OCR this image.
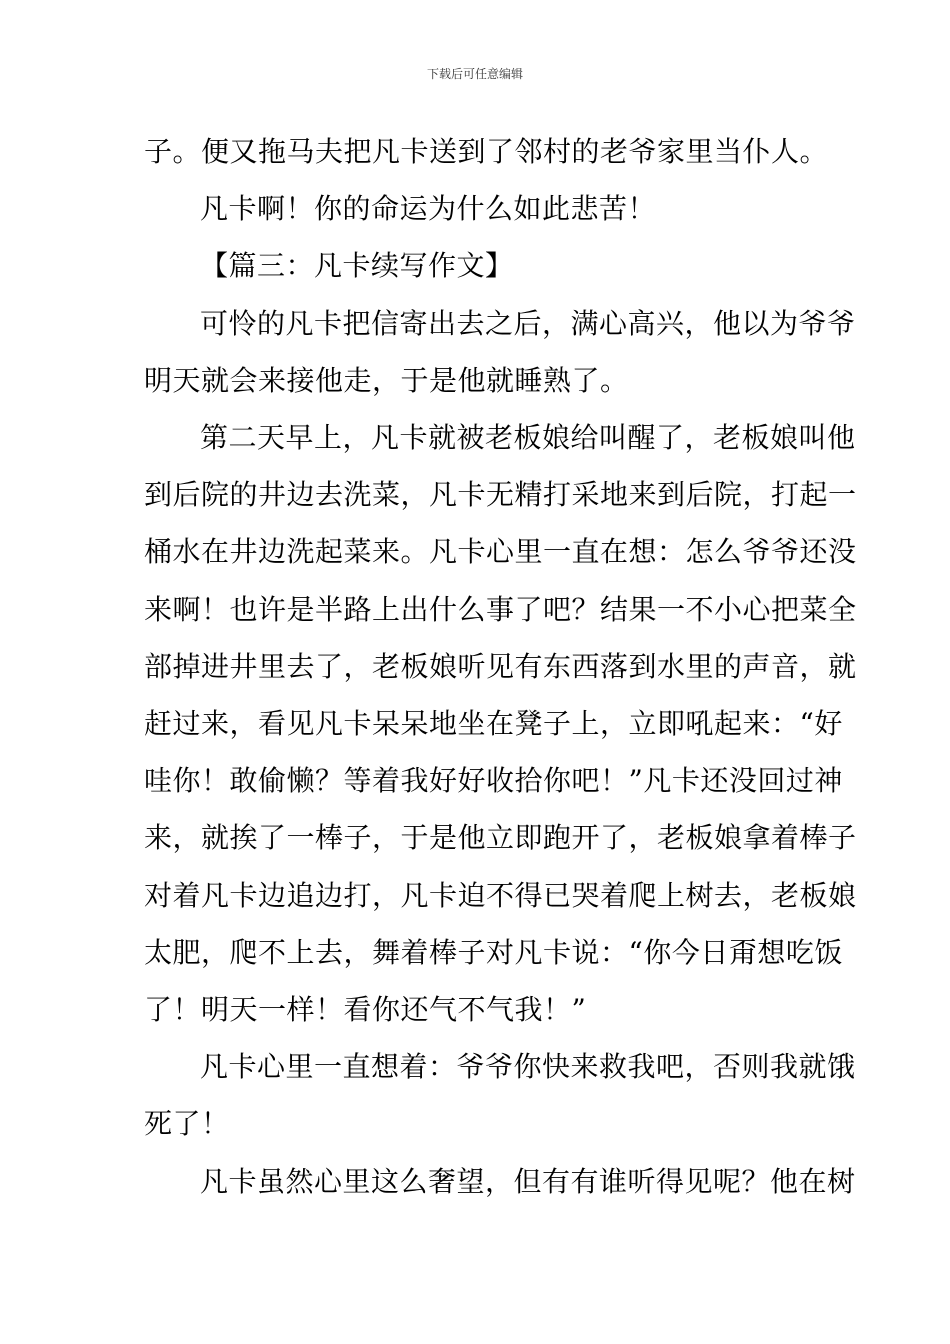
下载后可任意编辑
子。便又拖马夫把凡卡送到了邻村的老爷家里当仆人。
凡卡啊！你的命运为什么如此悲苦！
【篇三：凡卡续写作文】
可怜的凡卡把信寄出去之后，满心高兴，他以为爷爷
明天就会来接他走，于是他就睡熟了。
第二天早上，凡卡就被老板娘给叫醒了，老板娘叫他
到后院的井边去洗菜，凡卡无精打采地来到后院，打起一
桶水在井边洗起菜来。凡卡心里一直在想：怎么爷爷还没
来啊！也许是半路上出什么事了吧？结果一不小心把菜全
部掉进井里去了，老板娘听见有东西落到水里的声音，就
赶过来，看见凡卡呆呆地坐在凳子上，立即吼起来：“好
哇你！敢偷懒？等着我好好收拾你吧！”凡卡还没回过神
来，就挨了一棒子，于是他立即跑开了，老板娘拿着棒子
对着凡卡边追边打，凡卡迫不得已哭着爬上树去，老板娘
太肥，爬不上去，舞着棒子对凡卡说：“你今日甭想吃饭
了！明天一样！看你还气不气我！”
凡卡心里一直想着：爷爷你快来救我吧，否则我就饿
死了！
凡卡虽然心里这么奢望，但有有谁听得见呢？他在树
